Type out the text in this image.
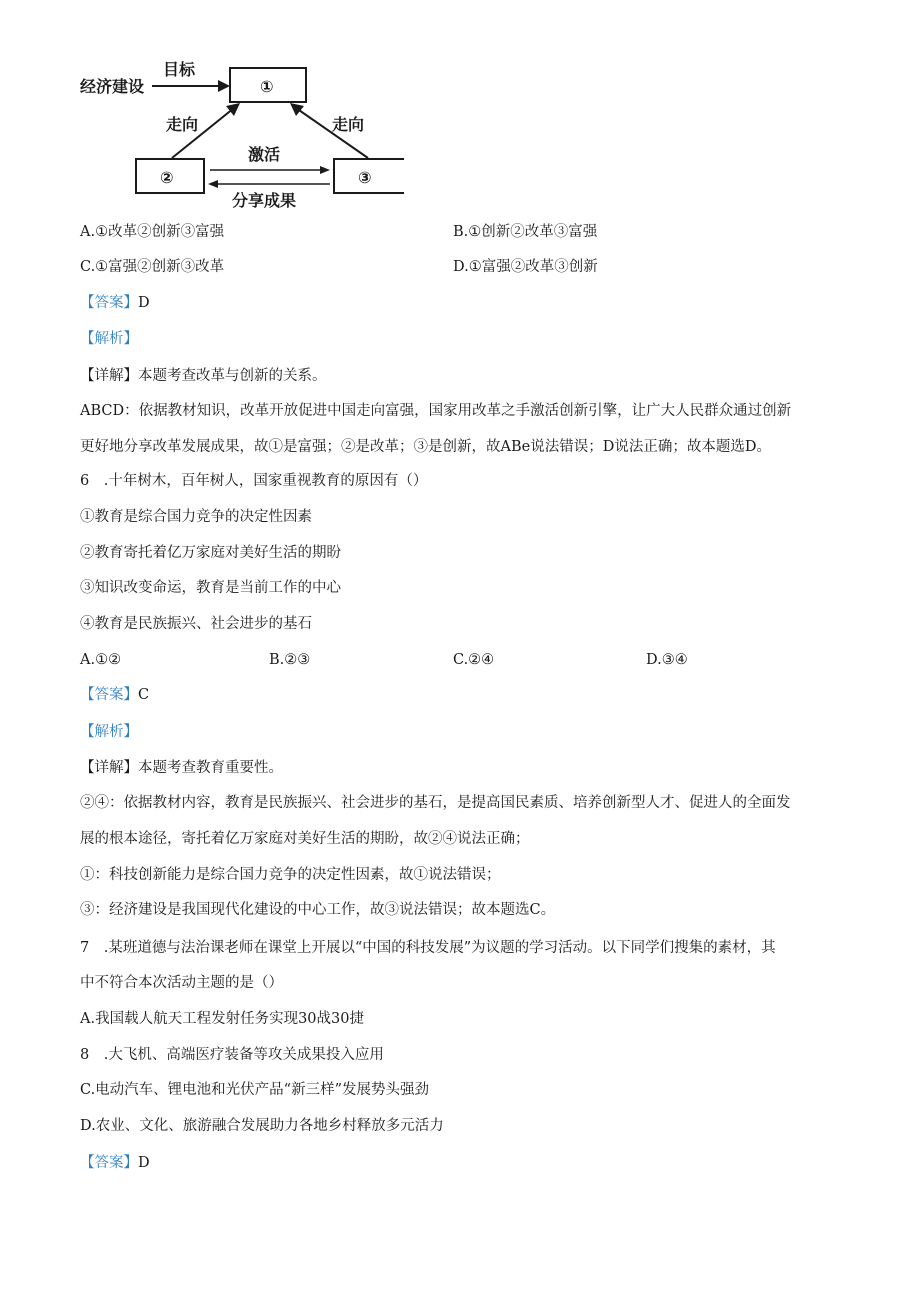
经济建设
目标
①
②	③
走向	走向
激活
分享成果
A.①改革②创新③富强	B.①创新②改革③富强
C.①富强②创新③改革	D.①富强②改革③创新
【答案】D
【解析】
【详解】本题考查改革与创新的关系。
ABCD：依据教材知识，改革开放促进中国走向富强，国家用改革之手激活创新引擎，让广大人民群众通过创新
更好地分享改革发展成果，故①是富强；②是改革；③是创新，故ABe说法错误；D说法正确；故本题选D。
6　.十年树木，百年树人，国家重视教育的原因有（）
①教育是综合国力竞争的决定性因素
②教育寄托着亿万家庭对美好生活的期盼
③知识改变命运，教育是当前工作的中心
④教育是民族振兴、社会进步的基石
A.①②	B.②③	C.②④	D.③④
【答案】C
【解析】
【详解】本题考查教育重要性。
②④：依据教材内容，教育是民族振兴、社会进步的基石，是提高国民素质、培养创新型人才、促进人的全面发
展的根本途径，寄托着亿万家庭对美好生活的期盼，故②④说法正确；
①：科技创新能力是综合国力竞争的决定性因素，故①说法错误；
③：经济建设是我国现代化建设的中心工作，故③说法错误；故本题选C。
7　.某班道德与法治课老师在课堂上开展以“中国的科技发展”为议题的学习活动。以下同学们搜集的素材，其
中不符合本次活动主题的是（）
A.我国载人航天工程发射任务实现30战30捷
8　.大飞机、高端医疗装备等攻关成果投入应用
C.电动汽车、锂电池和光伏产品“新三样”发展势头强劲
D.农业、文化、旅游融合发展助力各地乡村释放多元活力
【答案】D
